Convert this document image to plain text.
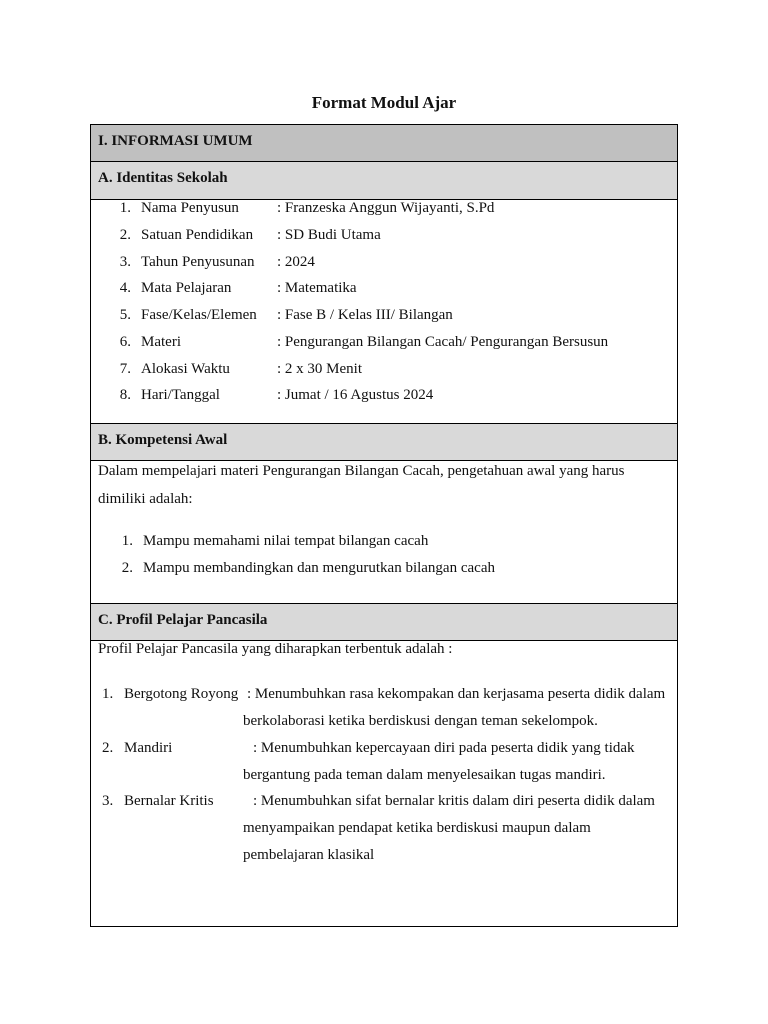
Format Modul Ajar
I. INFORMASI UMUM
A. Identitas Sekolah
1. Nama Penyusun	: Franzeska Anggun Wijayanti, S.Pd
2. Satuan Pendidikan : SD Budi Utama
3. Tahun Penyusunan : 2024
4. Mata Pelajaran	: Matematika
5. Fase/Kelas/Elemen : Fase B / Kelas III/ Bilangan
6. Materi	: Pengurangan Bilangan Cacah/ Pengurangan Bersusun
7. Alokasi Waktu	: 2 x 30 Menit
8. Hari/Tanggal	: Jumat / 16 Agustus 2024
B. Kompetensi Awal
Dalam mempelajari materi Pengurangan Bilangan Cacah, pengetahuan awal yang harus
dimiliki adalah:
1. Mampu memahami nilai tempat bilangan cacah
2. Mampu membandingkan dan mengurutkan bilangan cacah
C. Profil Pelajar Pancasila
Profil Pelajar Pancasila yang diharapkan terbentuk adalah :
1. Bergotong Royong : Menumbuhkan rasa kekompakan dan kerjasama peserta didik dalam
berkolaborasi ketika berdiskusi dengan teman sekelompok.
2. Mandiri	: Menumbuhkan kepercayaan diri pada peserta didik yang tidak
bergantung pada teman dalam menyelesaikan tugas mandiri.
3. Bernalar Kritis	: Menumbuhkan sifat bernalar kritis dalam diri peserta didik dalam
menyampaikan pendapat ketika berdiskusi maupun dalam
pembelajaran klasikal
